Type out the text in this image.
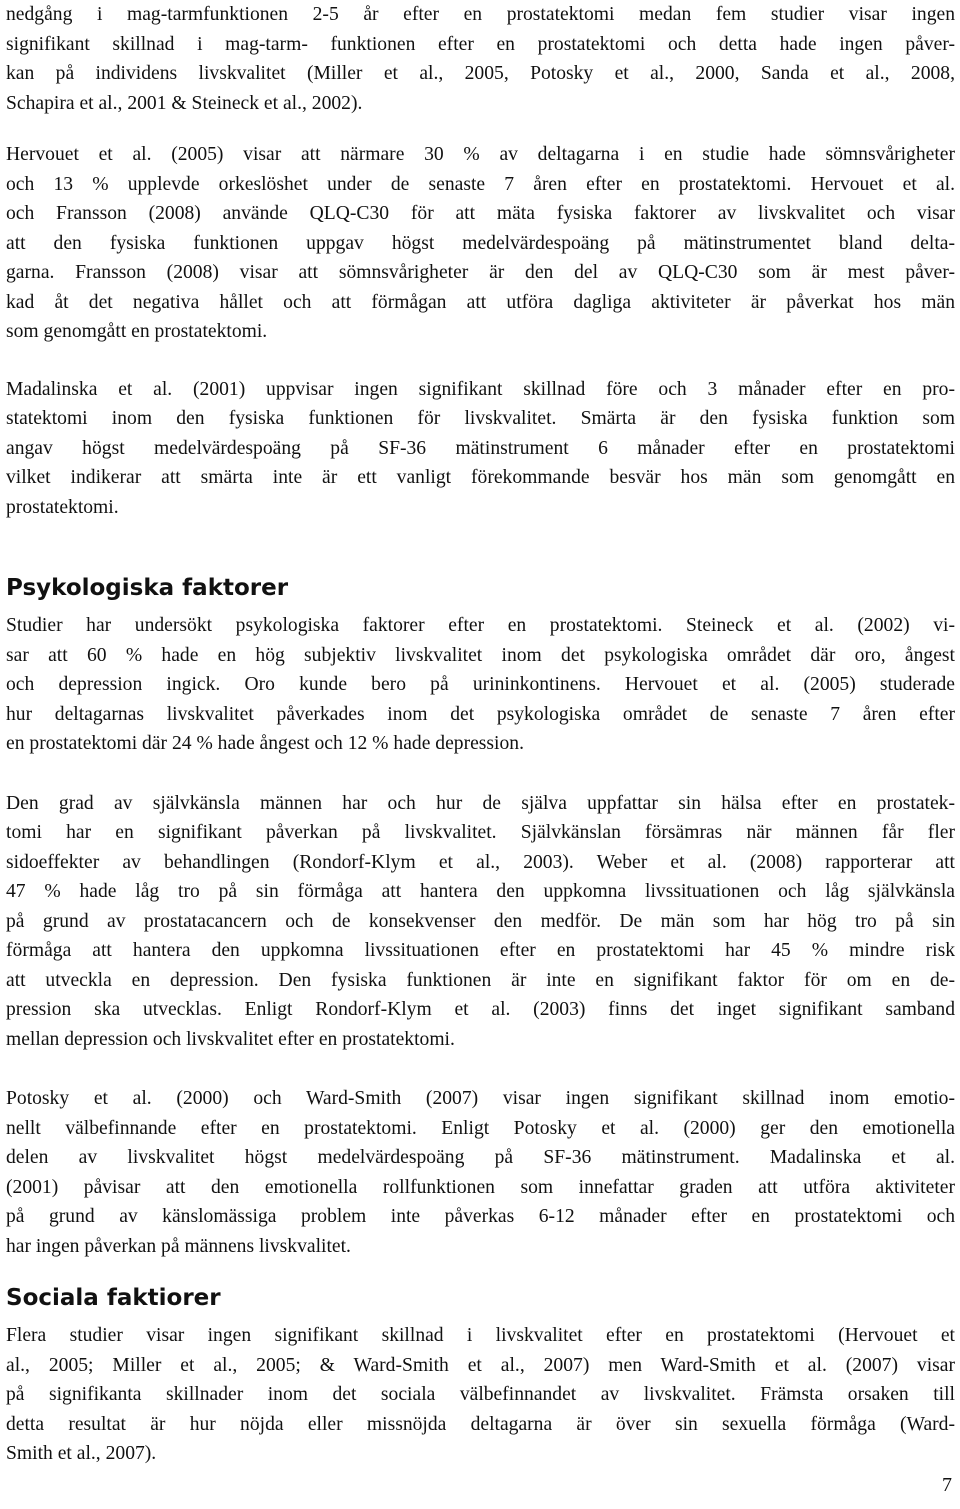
nedgång i mag-tarmfunktionen 2-5 år efter en prostatektomi medan fem studier visar ingen
signifikant skillnad i mag-tarm- funktionen efter en prostatektomi och detta hade ingen påver-
kan på individens livskvalitet (Miller et al., 2005, Potosky et al., 2000, Sanda et al., 2008,
Schapira et al., 2001 & Steineck et al., 2002).
Hervouet et al. (2005) visar att närmare 30 % av deltagarna i en studie hade sömnsvårigheter
och 13 % upplevde orkeslöshet under de senaste 7 åren efter en prostatektomi. Hervouet et al.
och Fransson (2008) använde QLQ-C30 för att mäta fysiska faktorer av livskvalitet och visar
att den fysiska funktionen uppgav högst medelvärdespoäng på mätinstrumentet bland delta-
garna. Fransson (2008) visar att sömnsvårigheter är den del av QLQ-C30 som är mest påver-
kad åt det negativa hållet och att förmågan att utföra dagliga aktiviteter är påverkat hos män
som genomgått en prostatektomi.
Madalinska et al. (2001) uppvisar ingen signifikant skillnad före och 3 månader efter en pro-
statektomi inom den fysiska funktionen för livskvalitet. Smärta är den fysiska funktion som
angav högst medelvärdespoäng på SF-36 mätinstrument 6 månader efter en prostatektomi
vilket indikerar att smärta inte är ett vanligt förekommande besvär hos män som genomgått en
prostatektomi.
Psykologiska faktorer
Studier har undersökt psykologiska faktorer efter en prostatektomi. Steineck et al. (2002) vi-
sar att 60 % hade en hög subjektiv livskvalitet inom det psykologiska området där oro, ångest
och depression ingick. Oro kunde bero på urininkontinens. Hervouet et al. (2005) studerade
hur deltagarnas livskvalitet påverkades inom det psykologiska området de senaste 7 åren efter
en prostatektomi där 24 % hade ångest och 12 % hade depression.
Den grad av självkänsla männen har och hur de själva uppfattar sin hälsa efter en prostatek-
tomi har en signifikant påverkan på livskvalitet. Självkänslan försämras när männen får fler
sidoeffekter av behandlingen (Rondorf-Klym et al., 2003). Weber et al. (2008) rapporterar att
47 % hade låg tro på sin förmåga att hantera den uppkomna livssituationen och låg självkänsla
på grund av prostatacancern och de konsekvenser den medför. De män som har hög tro på sin
förmåga att hantera den uppkomna livssituationen efter en prostatektomi har 45 % mindre risk
att utveckla en depression. Den fysiska funktionen är inte en signifikant faktor för om en de-
pression ska utvecklas. Enligt Rondorf-Klym et al. (2003) finns det inget signifikant samband
mellan depression och livskvalitet efter en prostatektomi.
Potosky et al. (2000) och Ward-Smith (2007) visar ingen signifikant skillnad inom emotio-
nellt välbefinnande efter en prostatektomi. Enligt Potosky et al. (2000) ger den emotionella
delen av livskvalitet högst medelvärdespoäng på SF-36 mätinstrument. Madalinska et al.
(2001) påvisar att den emotionella rollfunktionen som innefattar graden att utföra aktiviteter
på grund av känslomässiga problem inte påverkas 6-12 månader efter en prostatektomi och
har ingen påverkan på männens livskvalitet.
Sociala faktiorer
Flera studier visar ingen signifikant skillnad i livskvalitet efter en prostatektomi (Hervouet et
al., 2005; Miller et al., 2005; & Ward-Smith et al., 2007) men Ward-Smith et al. (2007) visar
på signifikanta skillnader inom det sociala välbefinnandet av livskvalitet. Främsta orsaken till
detta resultat är hur nöjda eller missnöjda deltagarna är över sin sexuella förmåga (Ward-
Smith et al., 2007).
7
